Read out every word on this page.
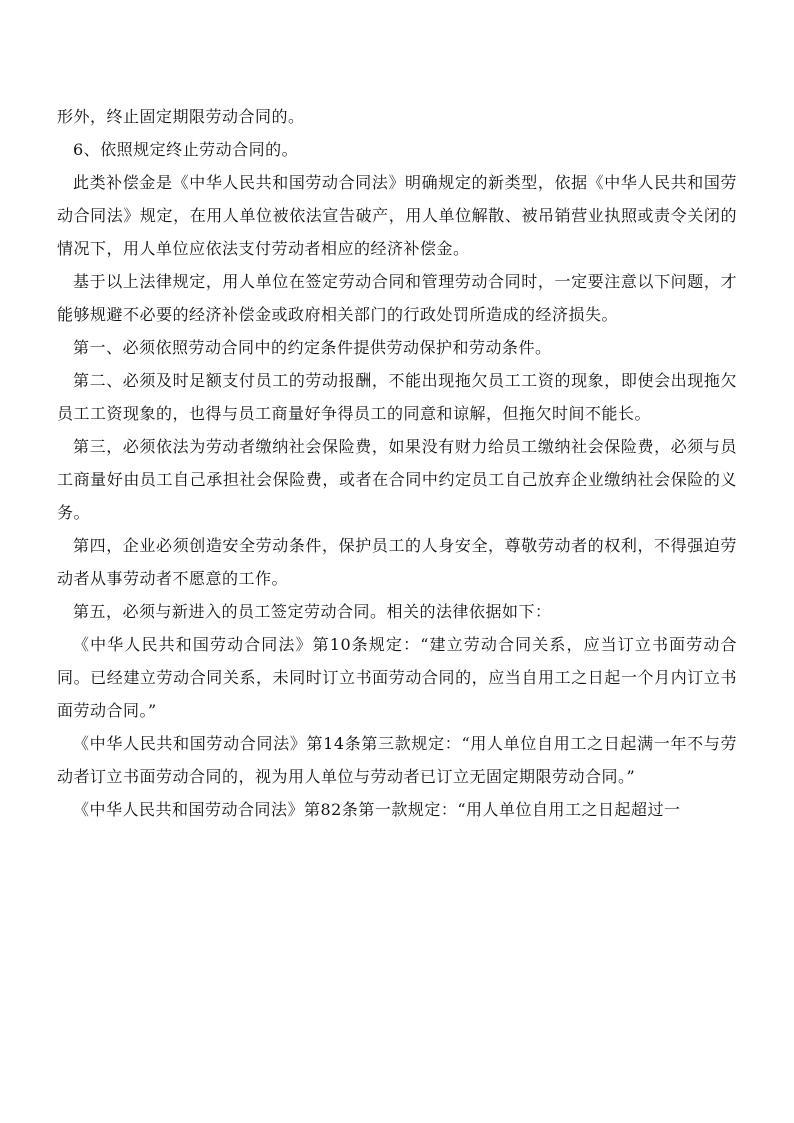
形外，终止固定期限劳动合同的。

6、依照规定终止劳动合同的。

此类补偿金是《中华人民共和国劳动合同法》明确规定的新类型，依据《中华人民共和国劳动合同法》规定，在用人单位被依法宣告破产，用人单位解散、被吊销营业执照或责令关闭的情况下，用人单位应依法支付劳动者相应的经济补偿金。

基于以上法律规定，用人单位在签定劳动合同和管理劳动合同时，一定要注意以下问题，才能够规避不必要的经济补偿金或政府相关部门的行政处罚所造成的经济损失。

第一、必须依照劳动合同中的约定条件提供劳动保护和劳动条件。

第二、必须及时足额支付员工的劳动报酬，不能出现拖欠员工工资的现象，即使会出现拖欠员工工资现象的，也得与员工商量好争得员工的同意和谅解，但拖欠时间不能长。

第三，必须依法为劳动者缴纳社会保险费，如果没有财力给员工缴纳社会保险费，必须与员工商量好由员工自己承担社会保险费，或者在合同中约定员工自己放弃企业缴纳社会保险的义务。

第四，企业必须创造安全劳动条件，保护员工的人身安全，尊敬劳动者的权利，不得强迫劳动者从事劳动者不愿意的工作。

第五，必须与新进入的员工签定劳动合同。相关的法律依据如下：

《中华人民共和国劳动合同法》第10条规定：“建立劳动合同关系，应当订立书面劳动合同。已经建立劳动合同关系，未同时订立书面劳动合同的，应当自用工之日起一个月内订立书面劳动合同。”

《中华人民共和国劳动合同法》第14条第三款规定：“用人单位自用工之日起满一年不与劳动者订立书面劳动合同的，视为用人单位与劳动者已订立无固定期限劳动合同。”

《中华人民共和国劳动合同法》第82条第一款规定：“用人单位自用工之日起超过一
